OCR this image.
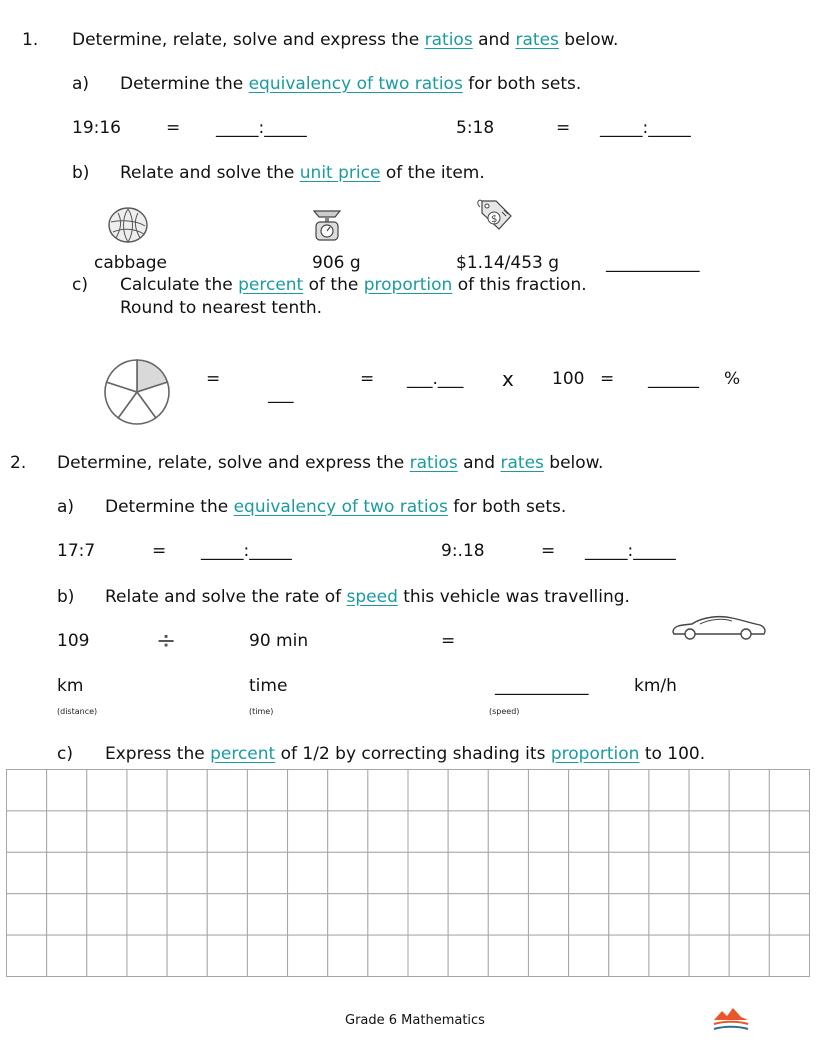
1. Determine, relate, solve and express the ratios and rates below.
a) Determine the equivalency of two ratios for both sets.
19:16	= _____:_____	5:18	= _____:_____
b) Relate and solve the unit price of the item.
$
cabbage	906 g	$1.14/453 g	___________
c) Calculate the percent of the proportion of this fraction.
Round to nearest tenth.
=
___
= ___.___ x 100 = ______ %
2. Determine, relate, solve and express the ratios and rates below.
a) Determine the equivalency of two ratios for both sets.
17:7	= _____:_____	9:.18	= _____:_____
b) Relate and solve the rate of speed this vehicle was travelling.
109	÷	90 min	=
km	time	___________	km/h
(distance)	(time)	(speed)
c) Express the percent of 1/2 by correcting shading its proportion to 100.
Grade 6 Mathematics
